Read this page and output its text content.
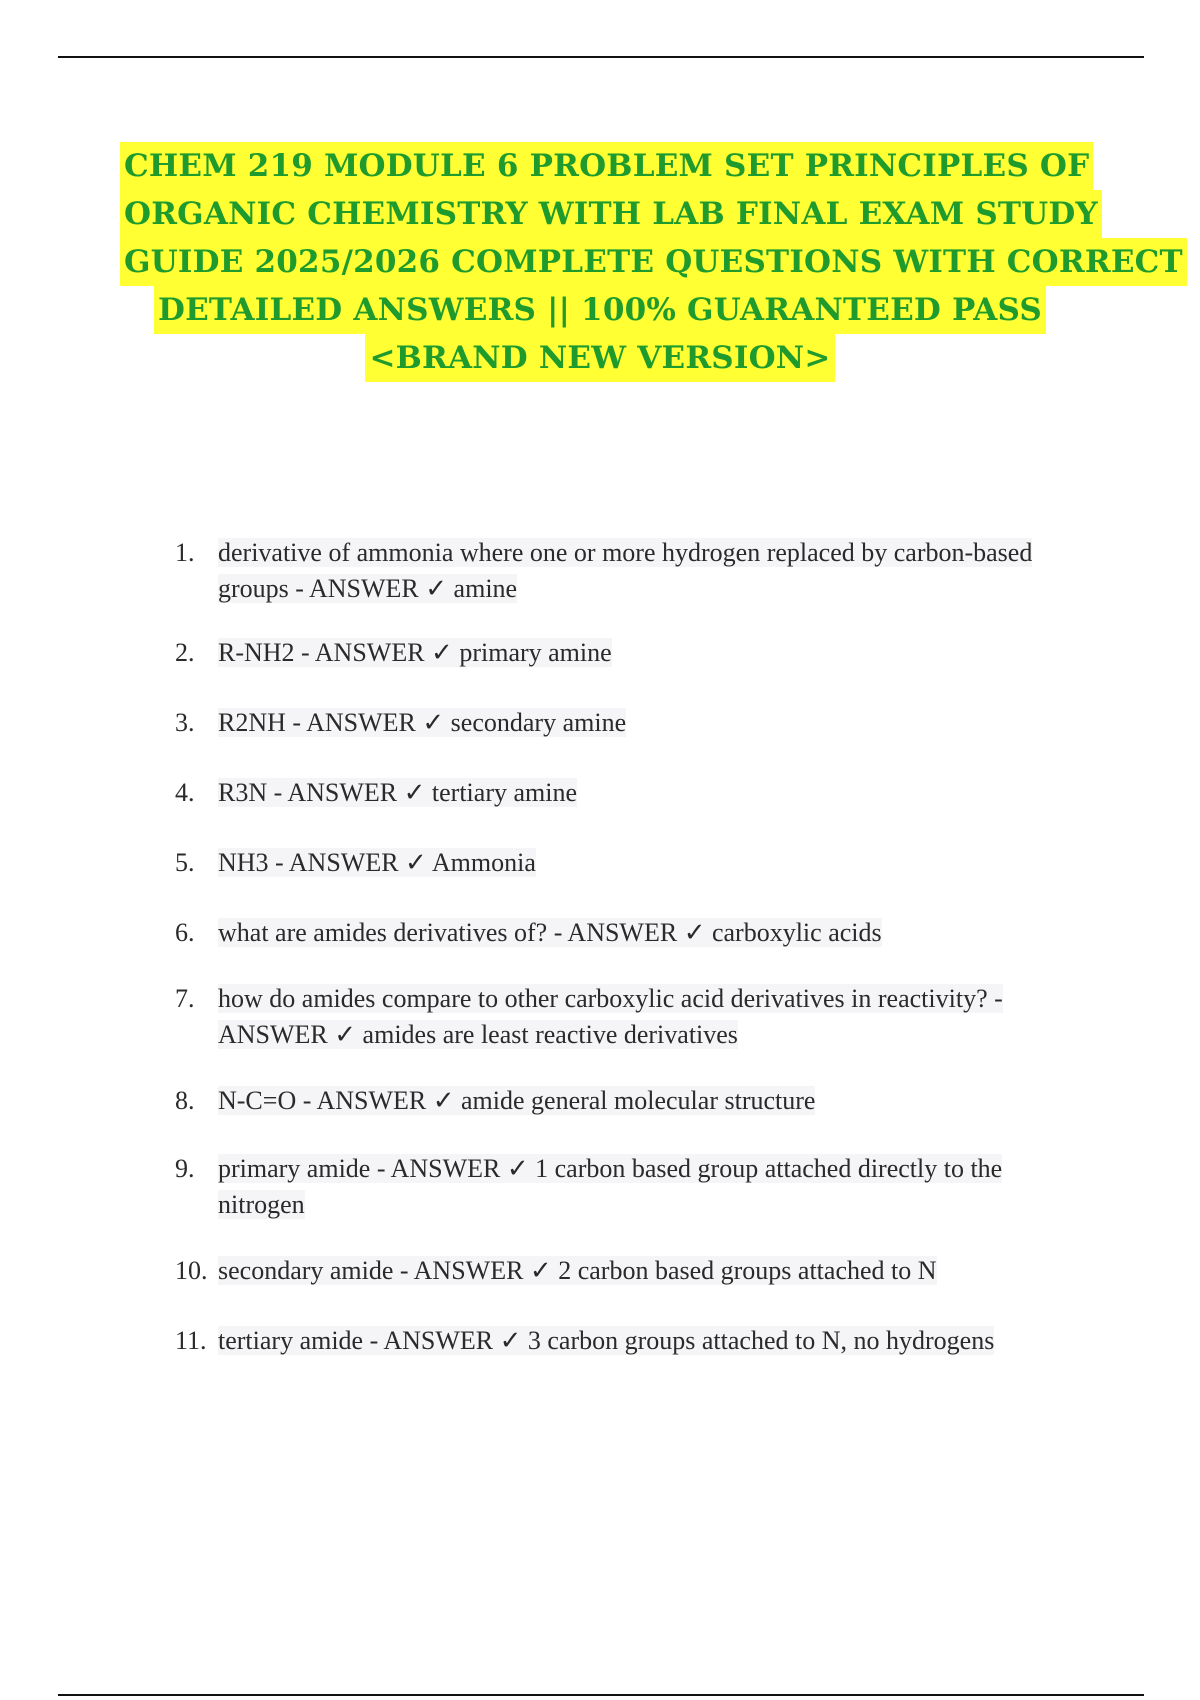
CHEM 219 MODULE 6 PROBLEM SET PRINCIPLES OF
ORGANIC CHEMISTRY WITH LAB FINAL EXAM STUDY
GUIDE 2025/2026 COMPLETE QUESTIONS WITH CORRECT
DETAILED ANSWERS || 100% GUARANTEED PASS
<BRAND NEW VERSION>
1. derivative of ammonia where one or more hydrogen replaced by carbon-based groups - ANSWER ✓ amine
2. R-NH2 - ANSWER ✓ primary amine
3. R2NH - ANSWER ✓ secondary amine
4. R3N - ANSWER ✓ tertiary amine
5. NH3 - ANSWER ✓ Ammonia
6. what are amides derivatives of? - ANSWER ✓ carboxylic acids
7. how do amides compare to other carboxylic acid derivatives in reactivity? - ANSWER ✓ amides are least reactive derivatives
8. N-C=O - ANSWER ✓ amide general molecular structure
9. primary amide - ANSWER ✓ 1 carbon based group attached directly to the nitrogen
10. secondary amide - ANSWER ✓ 2 carbon based groups attached to N
11. tertiary amide - ANSWER ✓ 3 carbon groups attached to N, no hydrogens
